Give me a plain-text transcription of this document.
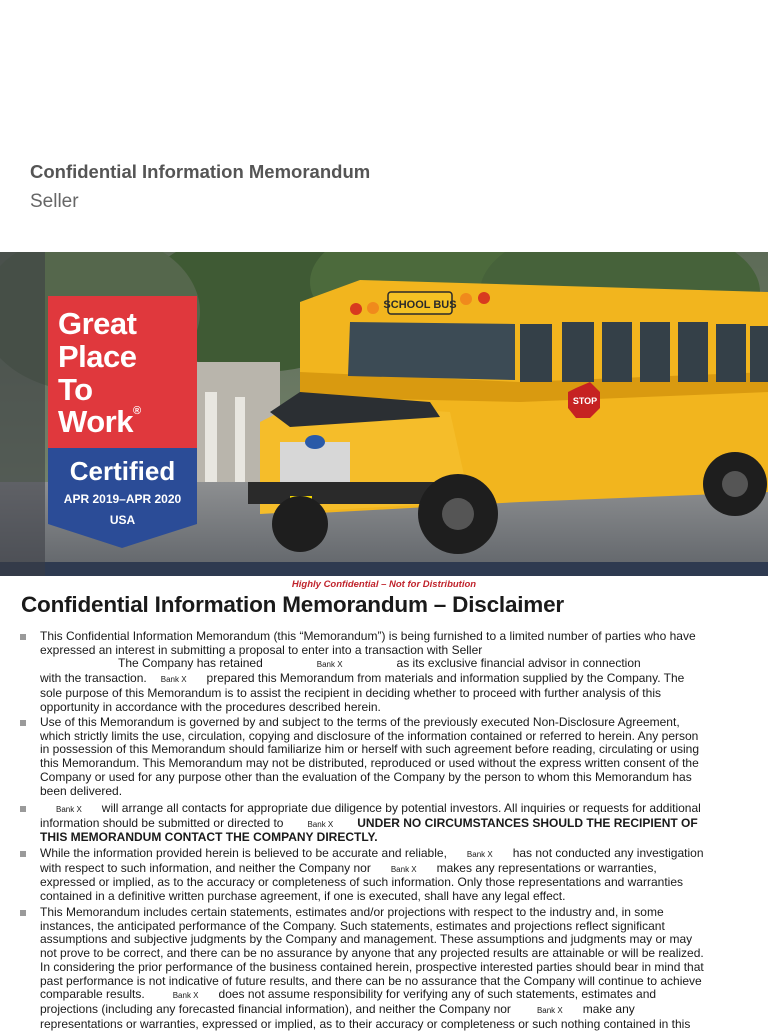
Confidential Information Memorandum
Seller
SCHOOL BUS
STOP
Great
Place
To
Work®
Certified
APR 2019–APR 2020
USA
Highly Confidential – Not for Distribution
Confidential Information Memorandum – Disclaimer
This Confidential Information Memorandum (this “Memorandum”) is being furnished to a limited number of parties who have
expressed an interest in submitting a proposal to enter into a transaction with Seller
The Company has retained	Bank X	as its exclusive financial advisor in connection
with the transaction. Bank X prepared this Memorandum from materials and information supplied by the Company. The
sole purpose of this Memorandum is to assist the recipient in deciding whether to proceed with further analysis of this
opportunity in accordance with the procedures described herein.
Use of this Memorandum is governed by and subject to the terms of the previously executed Non-Disclosure Agreement,
which strictly limits the use, circulation, copying and disclosure of the information contained or referred to herein. Any person
in possession of this Memorandum should familiarize him or herself with such agreement before reading, circulating or using
this Memorandum. This Memorandum may not be distributed, reproduced or used without the express written consent of the
Company or used for any purpose other than the evaluation of the Company by the person to whom this Memorandum has
been delivered.
Bank X will arrange all contacts for appropriate due diligence by potential investors. All inquiries or requests for additional
information should be submitted or directed to	Bank X UNDER NO CIRCUMSTANCES SHOULD THE RECIPIENT OF
THIS MEMORANDUM CONTACT THE COMPANY DIRECTLY.
While the information provided herein is believed to be accurate and reliable,	Bank X has not conducted any investigation
with respect to such information, and neither the Company nor	Bank X makes any representations or warranties,
expressed or implied, as to the accuracy or completeness of such information. Only those representations and warranties
contained in a definitive written purchase agreement, if one is executed, shall have any legal effect.
This Memorandum includes certain statements, estimates and/or projections with respect to the industry and, in some
instances, the anticipated performance of the Company. Such statements, estimates and projections reflect significant
assumptions and subjective judgments by the Company and management. These assumptions and judgments may or may
not prove to be correct, and there can be no assurance by anyone that any projected results are attainable or will be realized.
In considering the prior performance of the business contained herein, prospective interested parties should bear in mind that
past performance is not indicative of future results, and there can be no assurance that the Company will continue to achieve
comparable results.	Bank X does not assume responsibility for verifying any of such statements, estimates and
projections (including any forecasted financial information), and neither the Company nor	Bank X make any
representations or warranties, expressed or implied, as to their accuracy or completeness or such nothing contained in this
